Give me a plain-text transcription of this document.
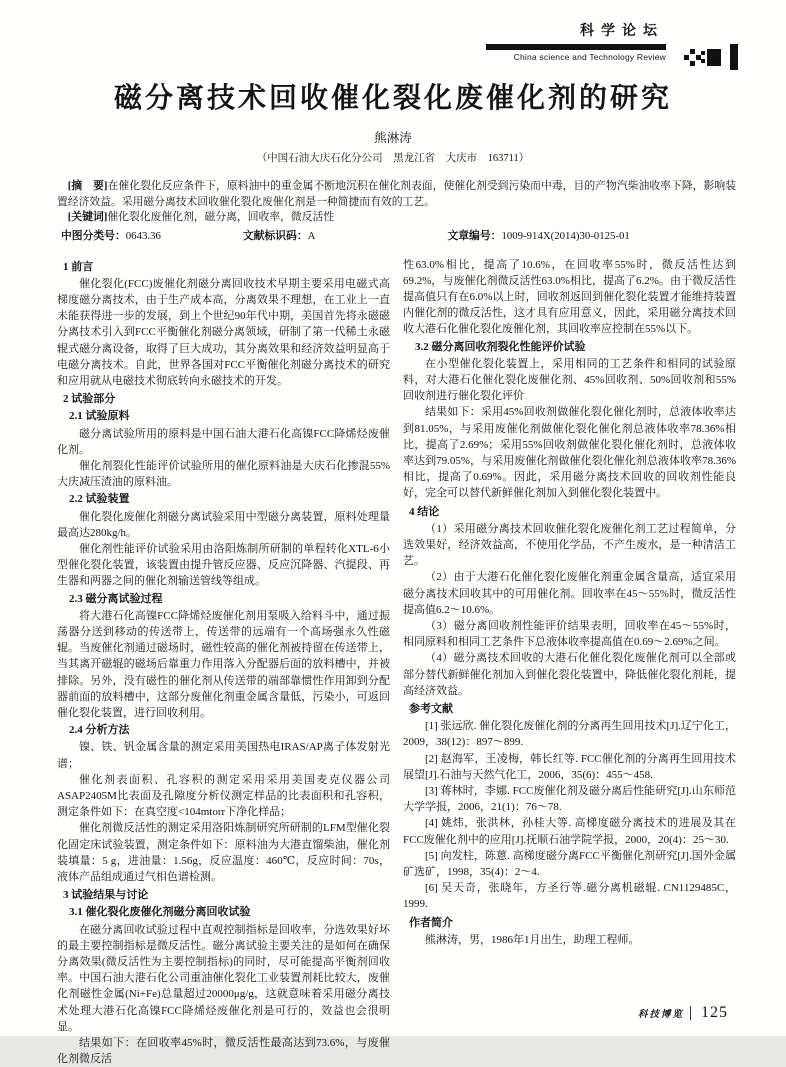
科学论坛
China science and Technology Review
磁分离技术回收催化裂化废催化剂的研究
熊淋涛
（中国石油大庆石化分公司　黑龙江省　大庆市　163711）
[摘　要]在催化裂化反应条件下，原料油中的重金属不断地沉积在催化剂表面，使催化剂受到污染而中毒，目的产物汽柴油收率下降，影响装置经济效益。采用磁分离技术回收催化裂化废催化剂是一种简捷而有效的工艺。
[关键词]催化裂化废催化剂，磁分离，回收率，微反活性
中图分类号：0643.36	文献标识码：A	文章编号：1009-914X(2014)30-0125-01
1 前言
催化裂化(FCC)废催化剂磁分离回收技术早期主要采用电磁式高梯度磁分离技术，由于生产成本高，分离效果不理想，在工业上一直未能获得进一步的发展，到上个世纪90年代中期，美国首先将永磁磁分离技术引入到FCC平衡催化剂磁分离领域，研制了第一代稀土永磁辊式磁分离设备，取得了巨大成功，其分离效果和经济效益明显高于电磁分离技术。自此，世界各国对FCC平衡催化剂磁分离技术的研究和应用就从电磁技术彻底转向永磁技术的开发。
2 试验部分
2.1 试验原料
磁分离试验所用的原料是中国石油大港石化高镍FCC降烯烃废催化剂。
催化剂裂化性能评价试验所用的催化原料油是大庆石化掺混55%大庆减压渣油的原料油。
2.2 试验装置
催化裂化废催化剂磁分离试验采用中型磁分离装置，原料处理量最高达280kg/h。
催化剂性能评价试验采用由洛阳炼制所研制的单程转化XTL-6小型催化裂化装置，该装置由提升管反应器、反应沉降器、汽提段、再生器和两器之间的催化剂输送管线等组成。
2.3 磁分离试验过程
将大港石化高镍FCC降烯烃废催化剂用泵吸入给料斗中，通过振荡器分送到移动的传送带上，传送带的远端有一个高场强永久性磁辊。当废催化剂通过磁场时，磁性较高的催化剂被持留在传送带上，当其离开磁辊的磁场后靠重力作用落入分配器后面的放料槽中，并被排除。另外，没有磁性的催化剂从传送带的端部靠惯性作用卸到分配器前面的放料槽中，这部分废催化剂重金属含量低，污染小，可返回催化裂化装置，进行回收利用。
2.4 分析方法
镍、铁、钒金属含量的测定采用美国热电IRAS/AP离子体发射光谱；
催化剂表面积、孔容积的测定采用采用美国麦克仪器公司ASAP2405M比表面及孔隙度分析仪测定样品的比表面积和孔容积，测定条件如下：在真空度<104mtorr下净化样品；
催化剂微反活性的测定采用洛阳炼制研究所研制的LFM型催化裂化固定床试验装置，测定条件如下：原料油为大港直馏柴油，催化剂装填量：5 g，进油量：1.56g，反应温度：460℃，反应时间：70s，液体产品组成通过气相色谱检测。
3 试验结果与讨论
3.1 催化裂化废催化剂磁分离回收试验
在磁分离回收试验过程中直观控制指标是回收率，分选效果好坏的最主要控制指标是微反活性。磁分离试验主要关注的是如何在确保分离效果(微反活性为主要控制指标)的同时，尽可能提高平衡剂回收率。中国石油大港石化公司重油催化裂化工业装置剂耗比较大，废催化剂磁性金属(Ni+Fe)总量超过20000μg/g，这就意味着采用磁分离技术处理大港石化高镍FCC降烯烃废催化剂是可行的，效益也会很明显。
结果如下：在回收率45%时，微反活性最高达到73.6%，与废催化剂微反活
性63.0%相比，提高了10.6%，在回收率55%时，微反活性达到69.2%，与废催化剂微反活性63.0%相比，提高了6.2%。由于微反活性提高值只有在6.0%以上时，回收剂返回到催化裂化装置才能维持装置内催化剂的微反活性，这才具有应用意义，因此，采用磁分离技术回收大港石化催化裂化废催化剂，其回收率应控制在55%以下。
3.2 磁分离回收剂裂化性能评价试验
在小型催化裂化装置上，采用相同的工艺条件和相同的试验原料，对大港石化催化裂化废催化剂、45%回收剂、50%回收剂和55%回收剂进行催化裂化评价
结果如下：采用45%回收剂做催化裂化催化剂时，总液体收率达到81.05%，与采用废催化剂做催化裂化催化剂总液体收率78.36%相比，提高了2.69%；采用55%回收剂做催化裂化催化剂时，总液体收率达到79.05%，与采用废催化剂做催化裂化催化剂总液体收率78.36%相比，提高了0.69%。因此，采用磁分离技术回收的回收剂性能良好，完全可以替代新鲜催化剂加入到催化裂化装置中。
4 结论
（1）采用磁分离技术回收催化裂化废催化剂工艺过程简单，分选效果好，经济效益高，不使用化学品，不产生废水，是一种清洁工艺。
（2）由于大港石化催化裂化废催化剂重金属含量高，适宜采用磁分离技术回收其中的可用催化剂。回收率在45～55%时，微反活性提高值6.2～10.6%。
（3）磁分离回收剂性能评价结果表明，回收率在45～55%时，相同原料和相同工艺条件下总液体收率提高值在0.69～2.69%之间。
（4）磁分离技术回收的大港石化催化裂化废催化剂可以全部或部分替代新鲜催化剂加入到催化裂化装置中，降低催化裂化剂耗，提高经济效益。
参考文献
[1] 张远欣. 催化裂化废催化剂的分离再生回用技术[J].辽宁化工，2009，38(12)：897～899.
[2] 赵海军，王凌梅，韩长红等. FCC催化剂的分离再生回用技术展望[J].石油与天然气化工，2006，35(6)：455～458.
[3] 蒋林时，李娜. FCC废催化剂及磁分离后性能研究[J].山东师范大学学报，2006，21(1)：76～78.
[4] 姚炜，张洪林，孙桂大等. 高梯度磁分离技术的进展及其在FCC废催化剂中的应用[J].抚顺石油学院学报，2000，20(4)：25～30.
[5] 向发柱，陈蒽. 高梯度磁分离FCC平衡催化剂研究[J].国外金属矿选矿，1998，35(4)：2～4.
[6] 吴天奇，张晓年，方圣行等.磁分离机磁辊. CN1129485C，1999.
作者简介
熊淋涛，男，1986年1月出生，助理工程师。
科技博览 125
